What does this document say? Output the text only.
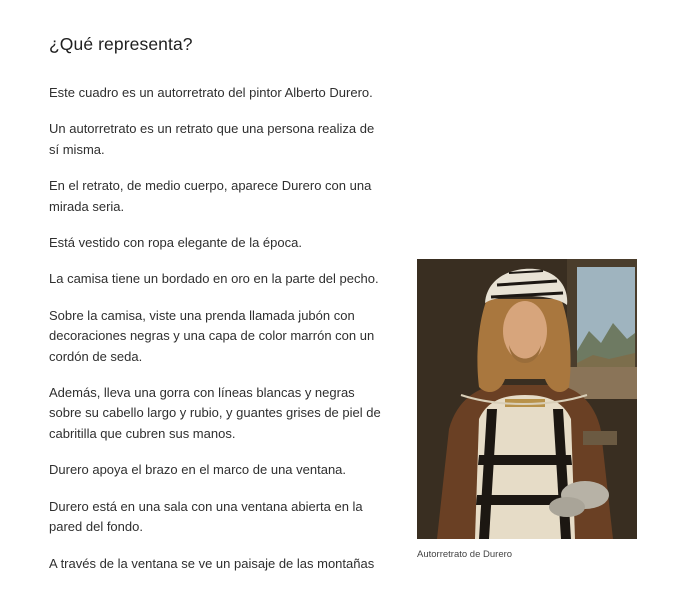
¿Qué representa?

Este cuadro es un autorretrato del pintor Alberto Durero.

Un autorretrato es un retrato que una persona realiza de sí misma.

En el retrato, de medio cuerpo, aparece Durero con una mirada seria.

Está vestido con ropa elegante de la época.

La camisa tiene un bordado en oro en la parte del pecho.

Sobre la camisa, viste una prenda llamada jubón con decoraciones negras y una capa de color marrón con un cordón de seda.

Además, lleva una gorra con líneas blancas y negras sobre su cabello largo y rubio, y guantes grises de piel de cabritilla que cubren sus manos.

Durero apoya el brazo en el marco de una ventana.

Durero está en una sala con una ventana abierta en la pared del fondo.

A través de la ventana se ve un paisaje de las montañas

Autorretrato de Durero
